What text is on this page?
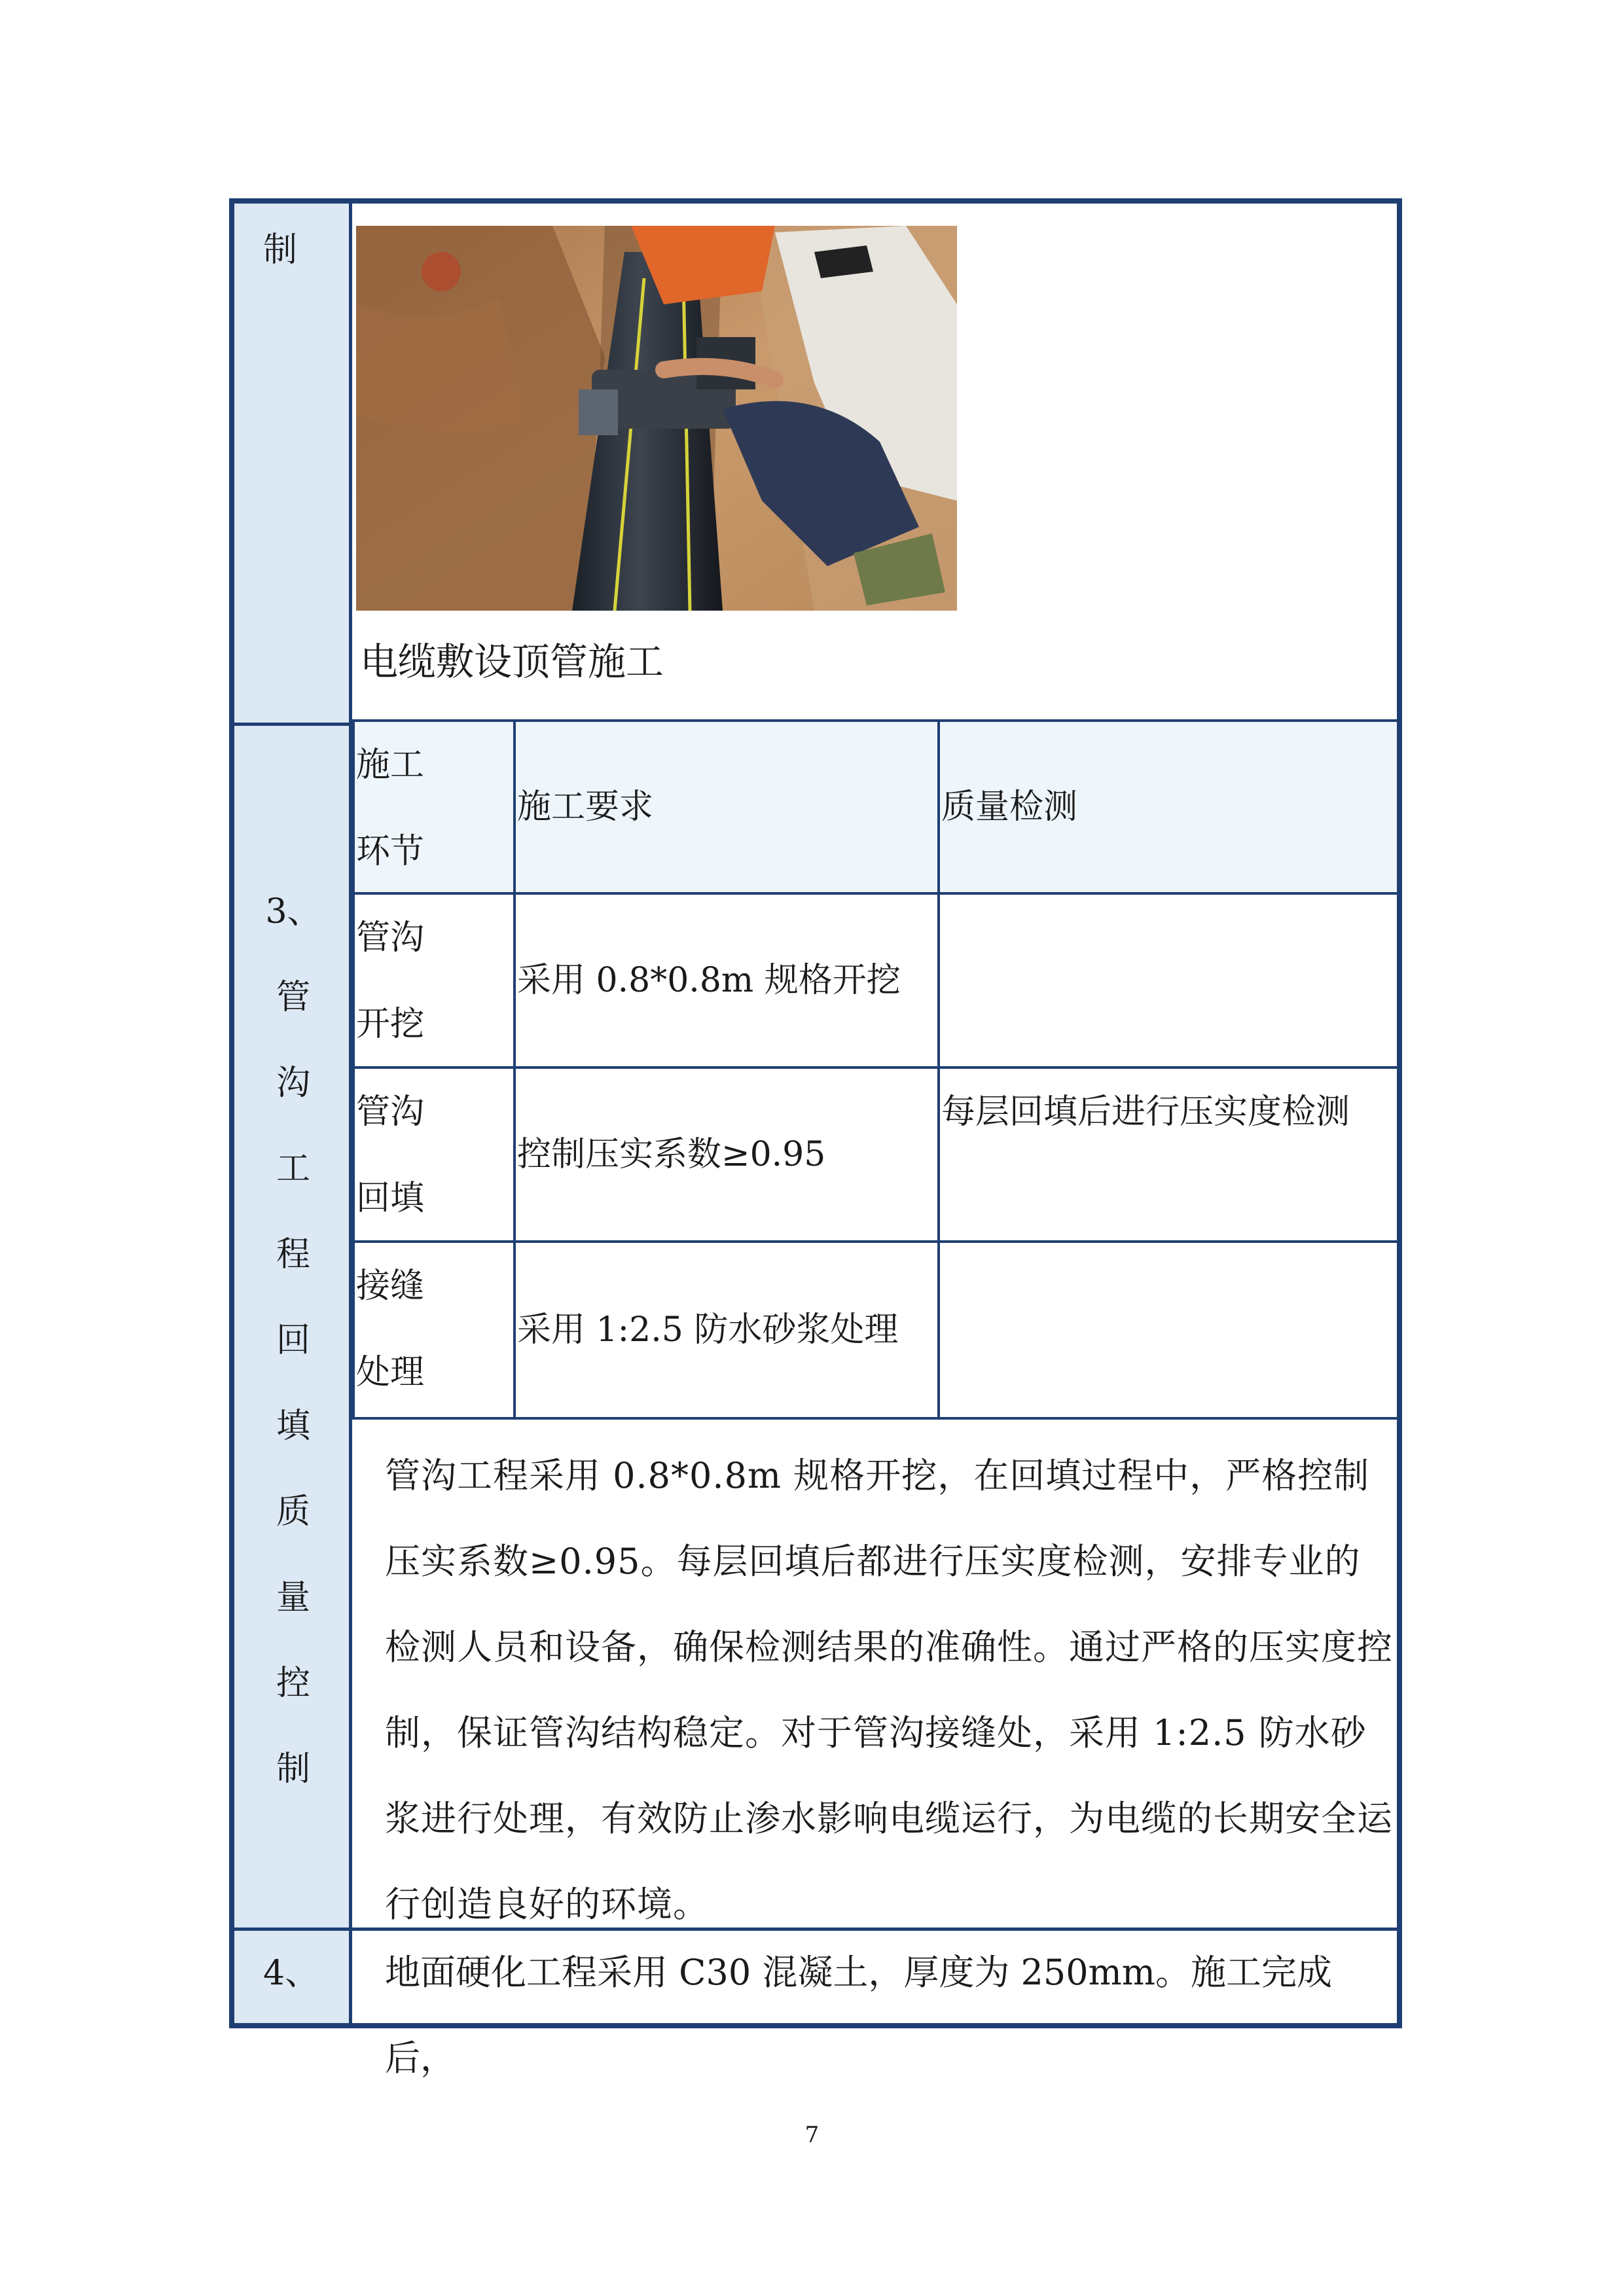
制
电缆敷设顶管施工
3、
管
沟
工
程
回
填
质
量
控
制
施工环节
施工要求	质量检测
管沟开挖
采用 0.8*0.8m 规格开挖
管沟回填
控制压实系数≥0.95
每层回填后进行压实度检测
接缝处理
采用 1:2.5 防水砂浆处理
管沟工程采用 0.8*0.8m 规格开挖，在回填过程中，严格控制压实系数≥0.95。每层回填后都进行压实度检测，安排专业的检测人员和设备，确保检测结果的准确性。通过严格的压实度控制，保证管沟结构稳定。对于管沟接缝处，采用 1:2.5 防水砂浆进行处理，有效防止渗水影响电缆运行，为电缆的长期安全运行创造良好的环境。
4、 地面硬化工程采用 C30 混凝土，厚度为 250mm。施工完成后，
7
